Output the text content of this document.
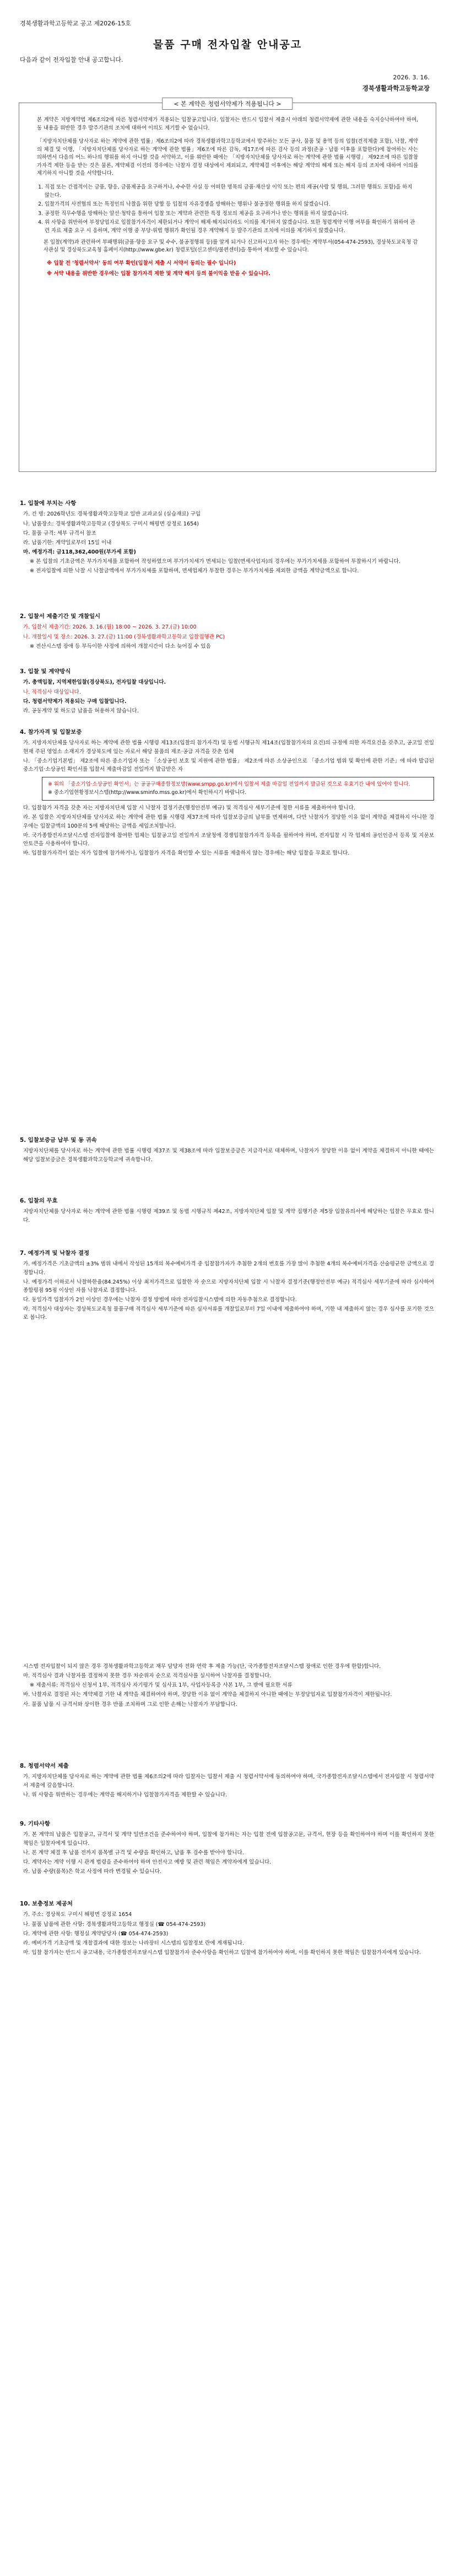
경북생활과학고등학교 공고 제2026-15호
물품 구매 전자입찰 안내공고
다음과 같이 전자입찰 안내 공고합니다.
2026. 3. 16.
경북생활과학고등학교장
< 본 계약은 청렴서약제가 적용됩니다 >

본 계약은 지방계약법 제6조의2에 따른 청렴서약제가 적용되는 입찰공고입니다. 입찰자는 반드시 입찰서 제출시 아래의 청렴서약제에 관한 내용을 숙지승낙하여야 하며, 동 내용을 위반한 경우 발주기관의 조치에 대하여 이의도 제기할 수 없습니다.

「지방자치단체를 당사자로 하는 계약에 관한 법률」제6조의2에 따라 경북생활과학고등학교에서 발주하는 모든 공사, 물품 및 용역 등의 입찰(견적제출 포함), 낙찰, 계약의 체결 및 이행, 「지방자치단체를 당사자로 하는 계약에 관한 법률」제6조에 따른 감독, 제17조에 따른 검사 등의 과정(준공ㆍ납품 이후를 포함한다)에 참여하는 사는 의하면서 다음의 어느 하나의 행위를 하지 아니할 것을 서약하고, 이를 위반한 때에는 「지방자치단체를 당사자로 하는 계약에 관한 법률 시행령」 제92조에 따른 입찰참가자격 제한 등을 받는 것은 물론, 계약체결 이전의 경우에는 낙찰자 결정 대상에서 제외되고, 계약체결 이후에는 해당 계약의 해제 또는 해지 등의 조치에 대하여 이의를 제기하지 아니할 것을 서약합니다.

1. 직접 또는 간접적이는 금품, 향응, 금품제공을 요구하거나, 수수한 사실 등 어떠한 명목의 금품·재산상 이익 또는 편의 제공(사람 및 행위, 그러한 행위도 포함)을 하지 않는다.
2. 입찰가격의 사전협의 또는 특정인의 낙찰을 위한 담합 등 입찰의 자유경쟁을 방해하는 행위나 불공정한 행위를 하지 않겠습니다.
3. 공정한 직무수행을 방해하는 알선·청탁을 통하여 입찰 또는 계약과 관련한 특정 정보의 제공을 요구하거나 받는 행위를 하지 않겠습니다.
4. 위 사항을 위반하여 부정당업자로 입찰참가자격이 제한되거나 계약이 해제·해지되더라도 이의를 제기하지 않겠습니다. 또한 청렴계약 이행 여부를 확인하기 위하여 관련 자료 제출 요구 시 응하며, 계약 이행 중 부당·위법 행위가 확인될 경우 계약해지 등 발주기관의 조치에 이의를 제기하지 않겠습니다.
본 입찰(계약)과 관련하여 부패행위(금품·향응 요구 및 수수, 불공정행위 등)를 알게 되거나 신고하시고자 하는 경우에는 계약부서(054-474-2593), 경상북도교육청 감사관실 및 경상북도교육청 홈페이지(http://www.gbe.kr) 청렴포털(신고센터/불편센터)을 통하여 제보할 수 있습니다.
※ 입찰 전 '청렴서약서' 동의 여부 확인(입찰서 제출 시 서약서 동의는 필수 입니다)
※ 서약 내용을 위반한 경우에는 입찰 참가자격 제한 및 계약 해지 등의 불이익을 받을 수 있습니다.
1. 입찰에 부치는 사항
가. 건 명: 2026학년도 경북생활과학고등학교 일반 교과교실 (실습재료) 구입
나. 납품장소: 경북생활과학고등학교 (경상북도 구미시 해평면 강정로 1654)
다. 물품 규격: 세부 규격서 참조
라. 납품기한: 계약일로부터 15일 이내
마. 예정가격: 금118,362,400원(부가세 포함)
※ 본 입찰의 기초금액은 부가가치세를 포함하여 작성하였으며 부가가치세가 면세되는 입찰(면세사업자)의 경우에는 부가가치세를 포함하여 투찰하시기 바랍니다.
※ 전자입찰에 의한 낙찰 시 낙찰금액에서 부가가치세를 포함하며, 면세업체가 투찰한 경우는 부가가치세를 제외한 금액을 계약금액으로 합니다.
2. 입찰서 제출기간 및 개찰일시
가. 입찰서 제출기간: 2026. 3. 16.(월) 18:00 ~ 2026. 3. 27.(금) 10:00
나. 개찰일시 및 장소: 2026. 3. 27.(금) 11:00 (경북생활과학고등학교 입찰집행관 PC)
※ 전산시스템 장애 등 부득이한 사정에 의하여 개찰시간이 다소 늦어질 수 있음
3. 입찰 및 계약방식
가. 총액입찰, 지역제한입찰(경상북도), 전자입찰 대상입니다.
나. 적격심사 대상입니다.
다. 청렴서약제가 적용되는 구매 입찰입니다.
라. 공동계약 및 하도급 납품을 허용하지 않습니다.
4. 참가자격 및 입찰보증
가. 지방자치단체를 당사자로 하는 계약에 관한 법률 시행령 제13조(입찰의 참가자격) 및 동법 시행규칙 제14조(입찰참가자의 요건)의 규정에 의한 자격요건을 갖추고, 공고일 전일 현재 주된 영업소 소재지가 경상북도에 있는 자로서 해당 물품의 제조·공급 자격을 갖춘 업체
나. 「중소기업기본법」 제2조에 따른 중소기업자 또는 「소상공인 보호 및 지원에 관한 법률」 제2조에 따른 소상공인으로 「중소기업 범위 및 확인에 관한 기준」에 따라 발급된 중소기업·소상공인 확인서를 입찰서 제출마감일 전일까지 발급받은 자
※ 위의 「중소기업·소상공인 확인서」는 공공구매종합정보망(www.smpp.go.kr)에서 입찰서 제출 마감일 전일까지 발급된 것으로 유효기간 내에 있어야 합니다.
※ 중소기업현황정보시스템(http://www.sminfo.mss.go.kr)에서 확인하시기 바랍니다.
다. 입찰참가 자격을 갖춘 자는 지방자치단체 입찰 시 낙찰자 결정기준(행정안전부 예규) 및 적격심사 세부기준에 정한 서류를 제출하여야 합니다.
라. 본 입찰은 지방자치단체를 당사자로 하는 계약에 관한 법률 시행령 제37조에 따라 입찰보증금의 납부를 면제하며, 다만 낙찰자가 정당한 이유 없이 계약을 체결하지 아니한 경우에는 입찰금액의 100분의 5에 해당하는 금액을 세입조치합니다.
마. 국가종합전자조달시스템 전자입찰에 참여한 업체는 입찰공고일 전일까지 조달청에 경쟁입찰참가자격 등록을 필하여야 하며, 전자입찰 시 각 업체의 공인인증서 등록 및 지문보안토큰을 사용하여야 합니다.
바. 입찰참가자격이 없는 자가 입찰에 참가하거나, 입찰참가 자격을 확인할 수 있는 서류를 제출하지 않는 경우에는 해당 입찰을 무효로 합니다.
5. 입찰보증금 납부 및 동 귀속
지방자치단체를 당사자로 하는 계약에 관한 법률 시행령 제37조 및 제38조에 따라 입찰보증금은 지급각서로 대체하며, 낙찰자가 정당한 이유 없이 계약을 체결하지 아니한 때에는 해당 입찰보증금은 경북생활과학고등학교에 귀속합니다.
6. 입찰의 무효
지방자치단체를 당사자로 하는 계약에 관한 법률 시행령 제39조 및 동법 시행규칙 제42조, 지방자치단체 입찰 및 계약 집행기준 제5장 입찰유의서에 해당하는 입찰은 무효로 합니다.
7. 예정가격 및 낙찰자 결정
가. 예정가격은 기초금액의 ±3% 범위 내에서 작성된 15개의 복수예비가격 중 입찰참가자가 추첨한 2개의 번호를 가장 많이 추첨한 4개의 복수예비가격을 산술평균한 금액으로 결정합니다.
나. 예정가격 이하로서 낙찰하한율(84.245%) 이상 최저가격으로 입찰한 자 순으로 지방자치단체 입찰 시 낙찰자 결정기준(행정안전부 예규) 적격심사 세부기준에 따라 심사하여 종합평점 95점 이상인 자를 낙찰자로 결정합니다.
다. 동일가격 입찰자가 2인 이상인 경우에는 낙찰자 결정 방법에 따라 전자입찰시스템에 의한 자동추첨으로 결정합니다.
라. 적격심사 대상자는 경상북도교육청 물품구매 적격심사 세부기준에 따른 심사서류를 개찰일로부터 7일 이내에 제출하여야 하며, 기한 내 제출하지 않는 경우 심사를 포기한 것으로 봅니다.
시스템 전자입찰이 되지 않은 경우 경북생활과학고등학교 재무 담당자 전화 연락 후 제출 가능(단, 국가종합전자조달시스템 장애로 인한 경우에 한함)합니다.
마. 적격심사 결과 낙찰자를 결정하지 못한 경우 차순위자 순으로 적격심사를 실시하여 낙찰자를 결정합니다.
※ 제출서류: 적격심사 신청서 1부, 적격심사 자기평가 및 심사표 1부, 사업자등록증 사본 1부, 그 밖에 필요한 서류
바. 낙찰자로 결정된 자는 계약체결 기한 내 계약을 체결하여야 하며, 정당한 이유 없이 계약을 체결하지 아니한 때에는 부정당업자로 입찰참가자격이 제한됩니다.
사. 물품 납품 시 규격서와 상이한 경우 반품 조치하며 그로 인한 손해는 낙찰자가 부담합니다.
8. 청렴서약서 제출
가. 지방자치단체를 당사자로 하는 계약에 관한 법률 제6조의2에 따라 입찰자는 입찰서 제출 시 청렴서약서에 동의하여야 하며, 국가종합전자조달시스템에서 전자입찰 시 청렴서약서 제출에 갈음합니다.
나. 위 사항을 위반하는 경우에는 계약을 해지하거나 입찰참가자격을 제한할 수 있습니다.
9. 기타사항
가. 본 계약의 납품은 입찰공고, 규격서 및 계약 일반조건을 준수하여야 하며, 입찰에 참가하는 자는 입찰 전에 입찰공고문, 규격서, 현장 등을 확인하여야 하며 이를 확인하지 못한 책임은 입찰자에게 있습니다.
나. 본 계약 체결 후 납품 전까지 품목별 규격 및 수량을 확인하고, 납품 후 검수를 받아야 합니다.
다. 계약자는 계약 이행 시 관계 법령을 준수하여야 하며 안전사고 예방 및 관련 책임은 계약자에게 있습니다.
라. 납품 수량(품목)은 학교 사정에 따라 변경될 수 있습니다.
10. 보충정보 제공처
가. 주소: 경상북도 구미시 해평면 강정로 1654
나. 물품 납품에 관한 사항: 경북생활과학고등학교 행정실 (☎ 054-474-2593)
다. 계약에 관한 사항: 행정실 계약담당자 (☎ 054-474-2593)
라. 예비가격 기초금액 및 개찰결과에 대한 정보는 나라장터 시스템의 입찰정보 란에 게재됩니다.
마. 입찰 참가자는 반드시 공고내용, 국가종합전자조달시스템 입찰참가자 준수사항을 확인하고 입찰에 참가하여야 하며, 이를 확인하지 못한 책임은 입찰참가자에게 있습니다.
